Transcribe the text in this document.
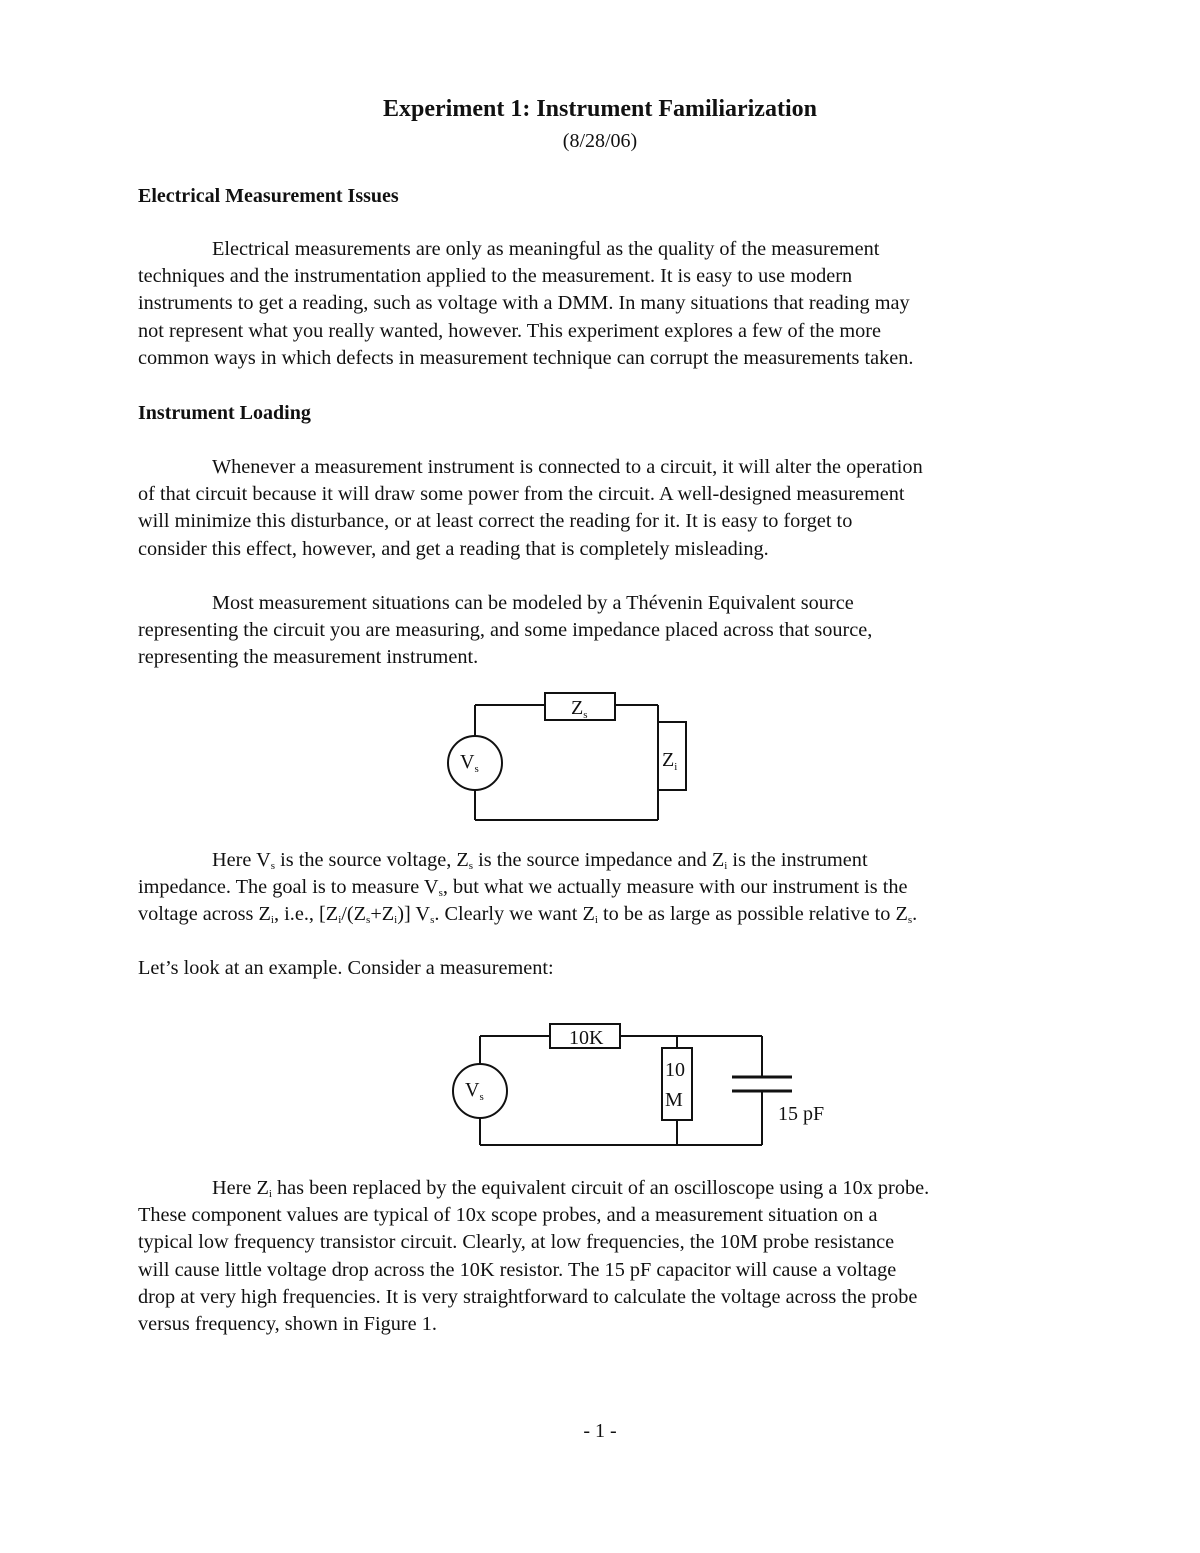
Experiment 1: Instrument Familiarization
(8/28/06)
Electrical Measurement Issues
Electrical measurements are only as meaningful as the quality of the measurement
techniques and the instrumentation applied to the measurement. It is easy to use modern
instruments to get a reading, such as voltage with a DMM. In many situations that reading may
not represent what you really wanted, however. This experiment explores a few of the more
common ways in which defects in measurement technique can corrupt the measurements taken.
Instrument Loading
Whenever a measurement instrument is connected to a circuit, it will alter the operation
of that circuit because it will draw some power from the circuit. A well-designed measurement
will minimize this disturbance, or at least correct the reading for it. It is easy to forget to
consider this effect, however, and get a reading that is completely misleading.
Most measurement situations can be modeled by a Thévenin Equivalent source
representing the circuit you are measuring, and some impedance placed across that source,
representing the measurement instrument.
$V_s$
$Z_s$
$Z_i$
Here $V_s$ is the source voltage, $Z_s$ is the source impedance and $Z_i$ is the instrument
impedance. The goal is to measure $V_s$, but what we actually measure with our instrument is the
voltage across $Z_i$, i.e., $[Z_i/(Z_s+Z_i)]$ $V_s$. Clearly we want $Z_i$ to be as large as possible relative to $Z_s$.
Let’s look at an example. Consider a measurement:
$V_s$
10K
10
M
15 pF
Here $Z_i$ has been replaced by the equivalent circuit of an oscilloscope using a 10x probe.
These component values are typical of 10x scope probes, and a measurement situation on a
typical low frequency transistor circuit. Clearly, at low frequencies, the 10M probe resistance
will cause little voltage drop across the 10K resistor. The 15 pF capacitor will cause a voltage
drop at very high frequencies. It is very straightforward to calculate the voltage across the probe
versus frequency, shown in Figure 1.
- 1 -
